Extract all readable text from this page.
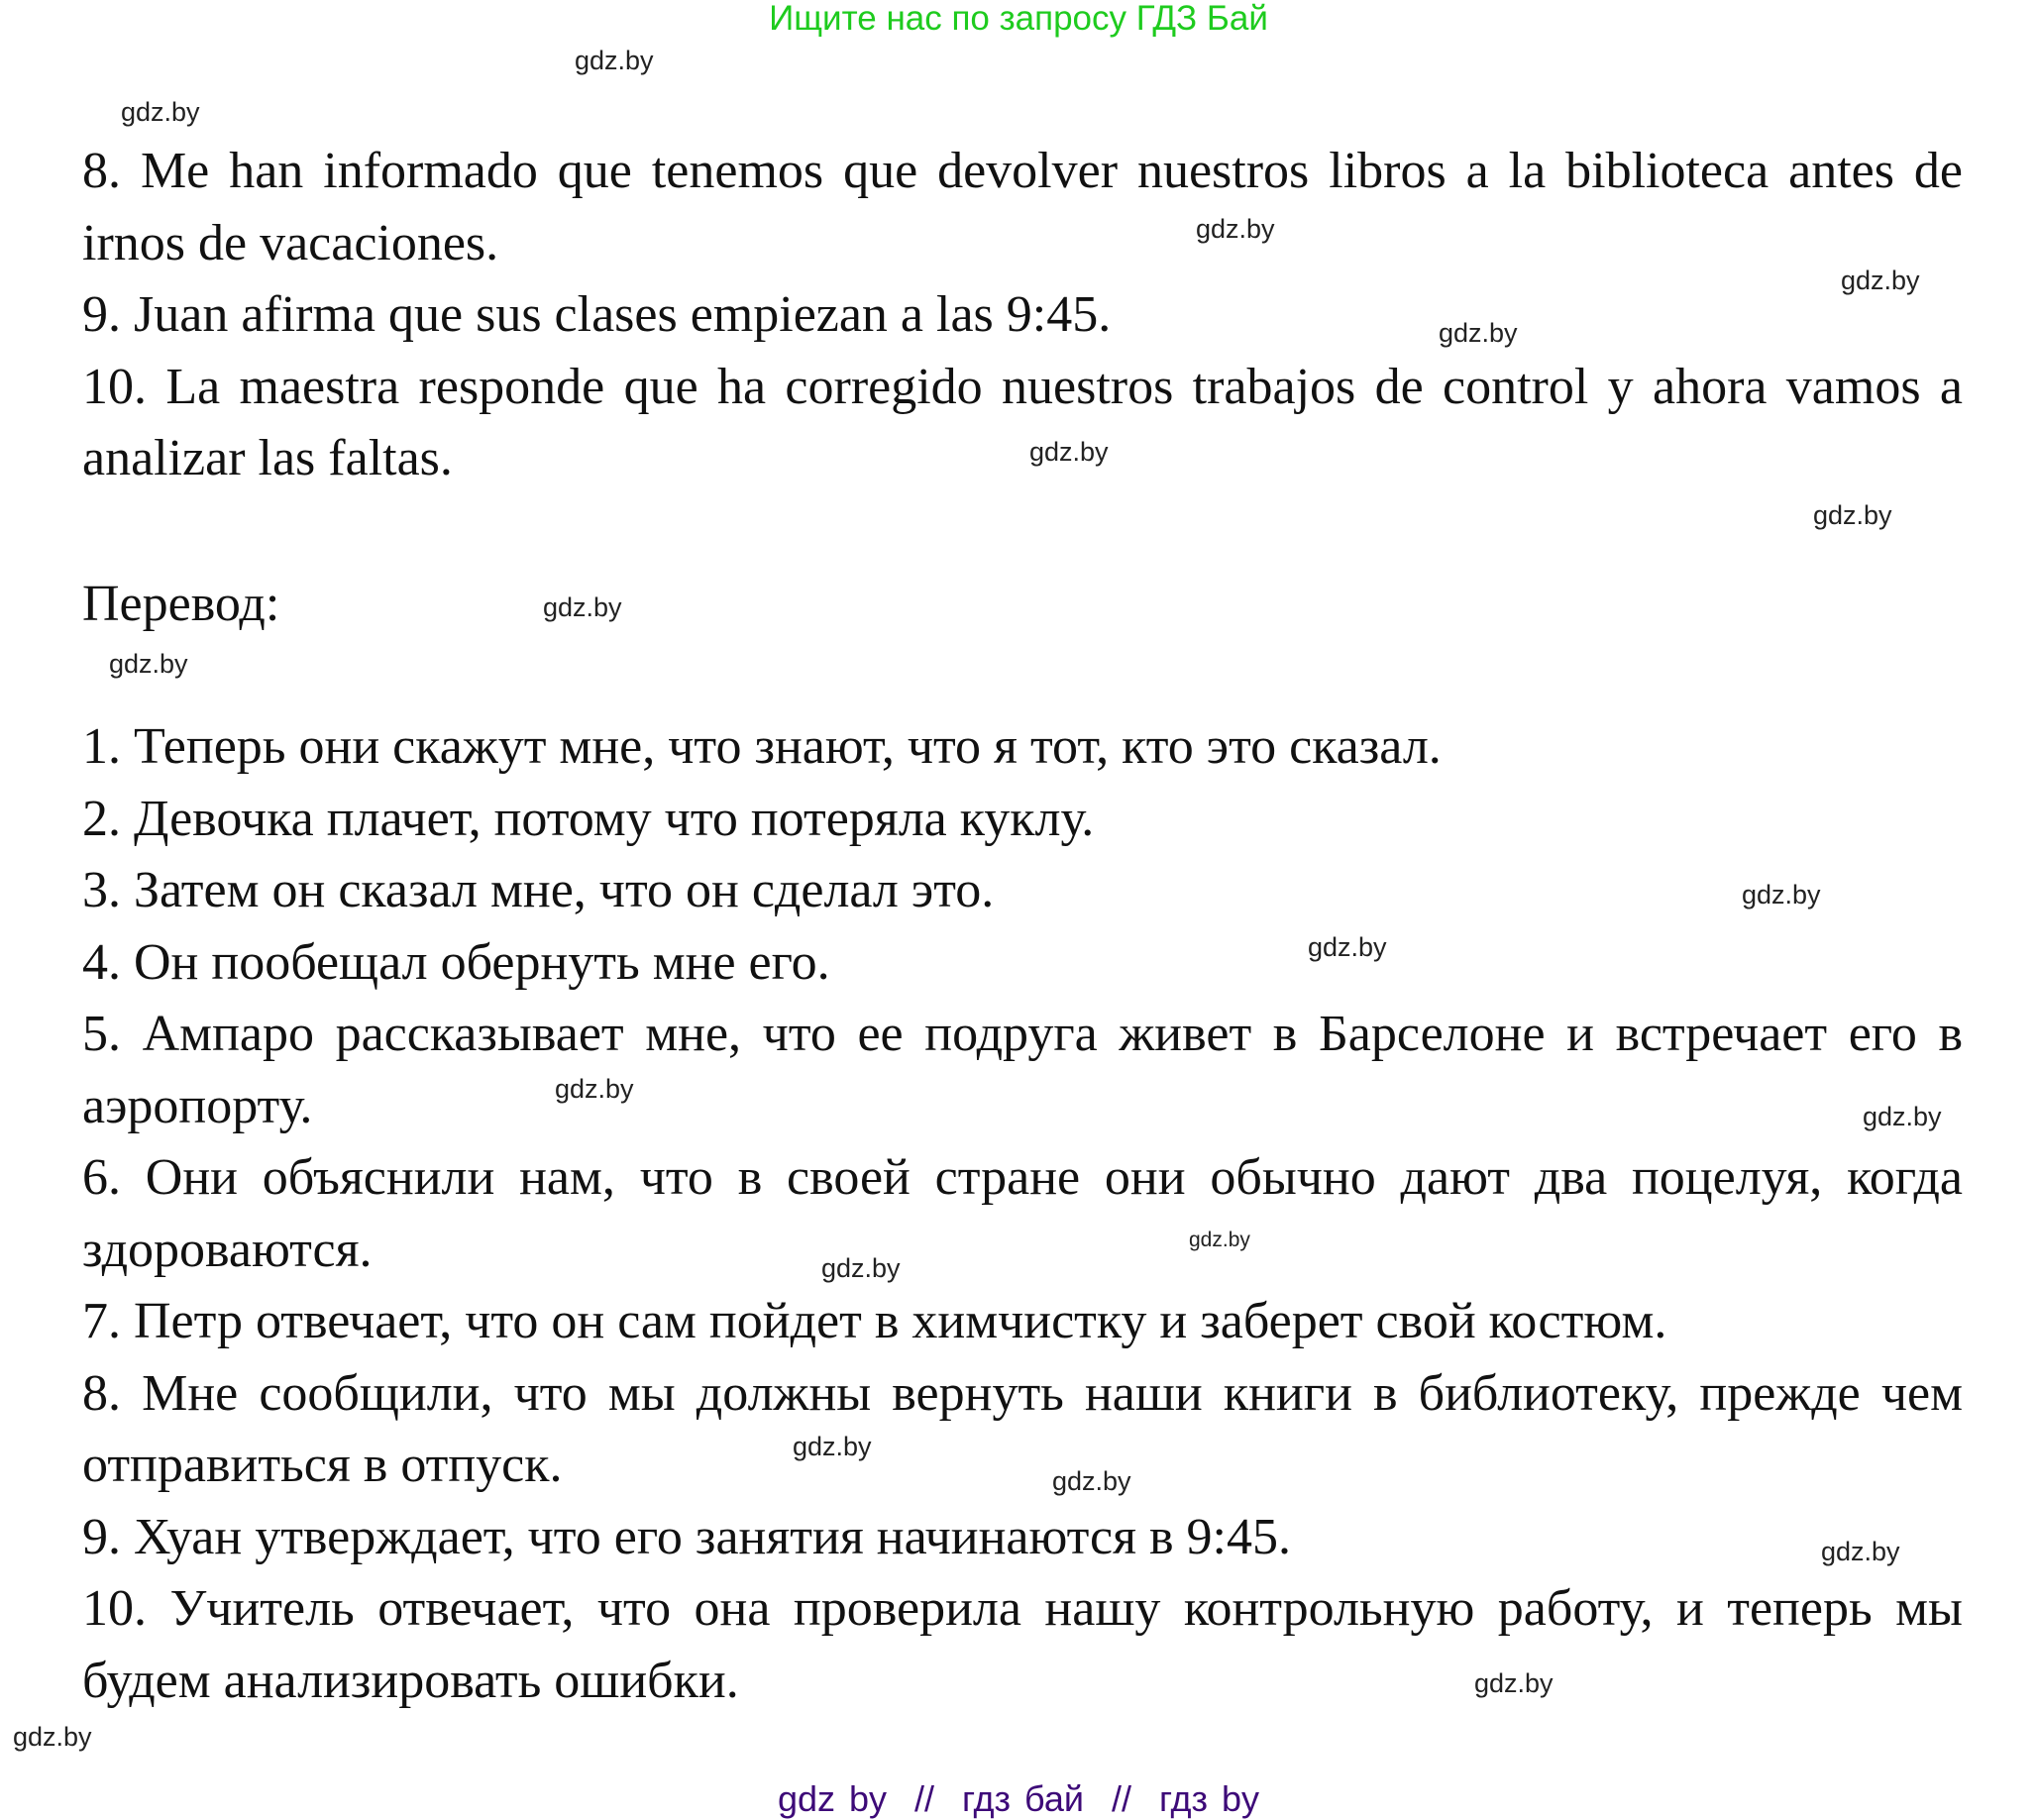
Ищите нас по запросу ГДЗ Бай

8. Me han informado que tenemos que devolver nuestros libros a la biblioteca antes de irnos de vacaciones.

9. Juan afirma que sus clases empiezan a las 9:45.

10. La maestra responde que ha corregido nuestros trabajos de control y ahora vamos a analizar las faltas.

Перевод:

1. Теперь они скажут мне, что знают, что я тот, кто это сказал.

2. Девочка плачет, потому что потеряла куклу.

3. Затем он сказал мне, что он сделал это.

4. Он пообещал обернуть мне его.

5. Ампаро рассказывает мне, что ее подруга живет в Барселоне и встречает его в аэропорту.

6. Они объяснили нам, что в своей стране они обычно дают два поцелуя, когда здороваются.

7. Петр отвечает, что он сам пойдет в химчистку и заберет свой костюм.

8. Мне сообщили, что мы должны вернуть наши книги в библиотеку, прежде чем отправиться в отпуск.

9. Хуан утверждает, что его занятия начинаются в 9:45.

10. Учитель отвечает, что она проверила нашу контрольную работу, и теперь мы будем анализировать ошибки.

gdz.by
gdz.by
gdz.by
gdz.by
gdz.by
gdz.by
gdz.by
gdz.by
gdz.by
gdz.by
gdz.by
gdz.by
gdz.by
gdz.by
gdz.by
gdz.by
gdz.by
gdz.by
gdz.by
gdz.by
gdz by  //  гдз бай  //  гдз by
